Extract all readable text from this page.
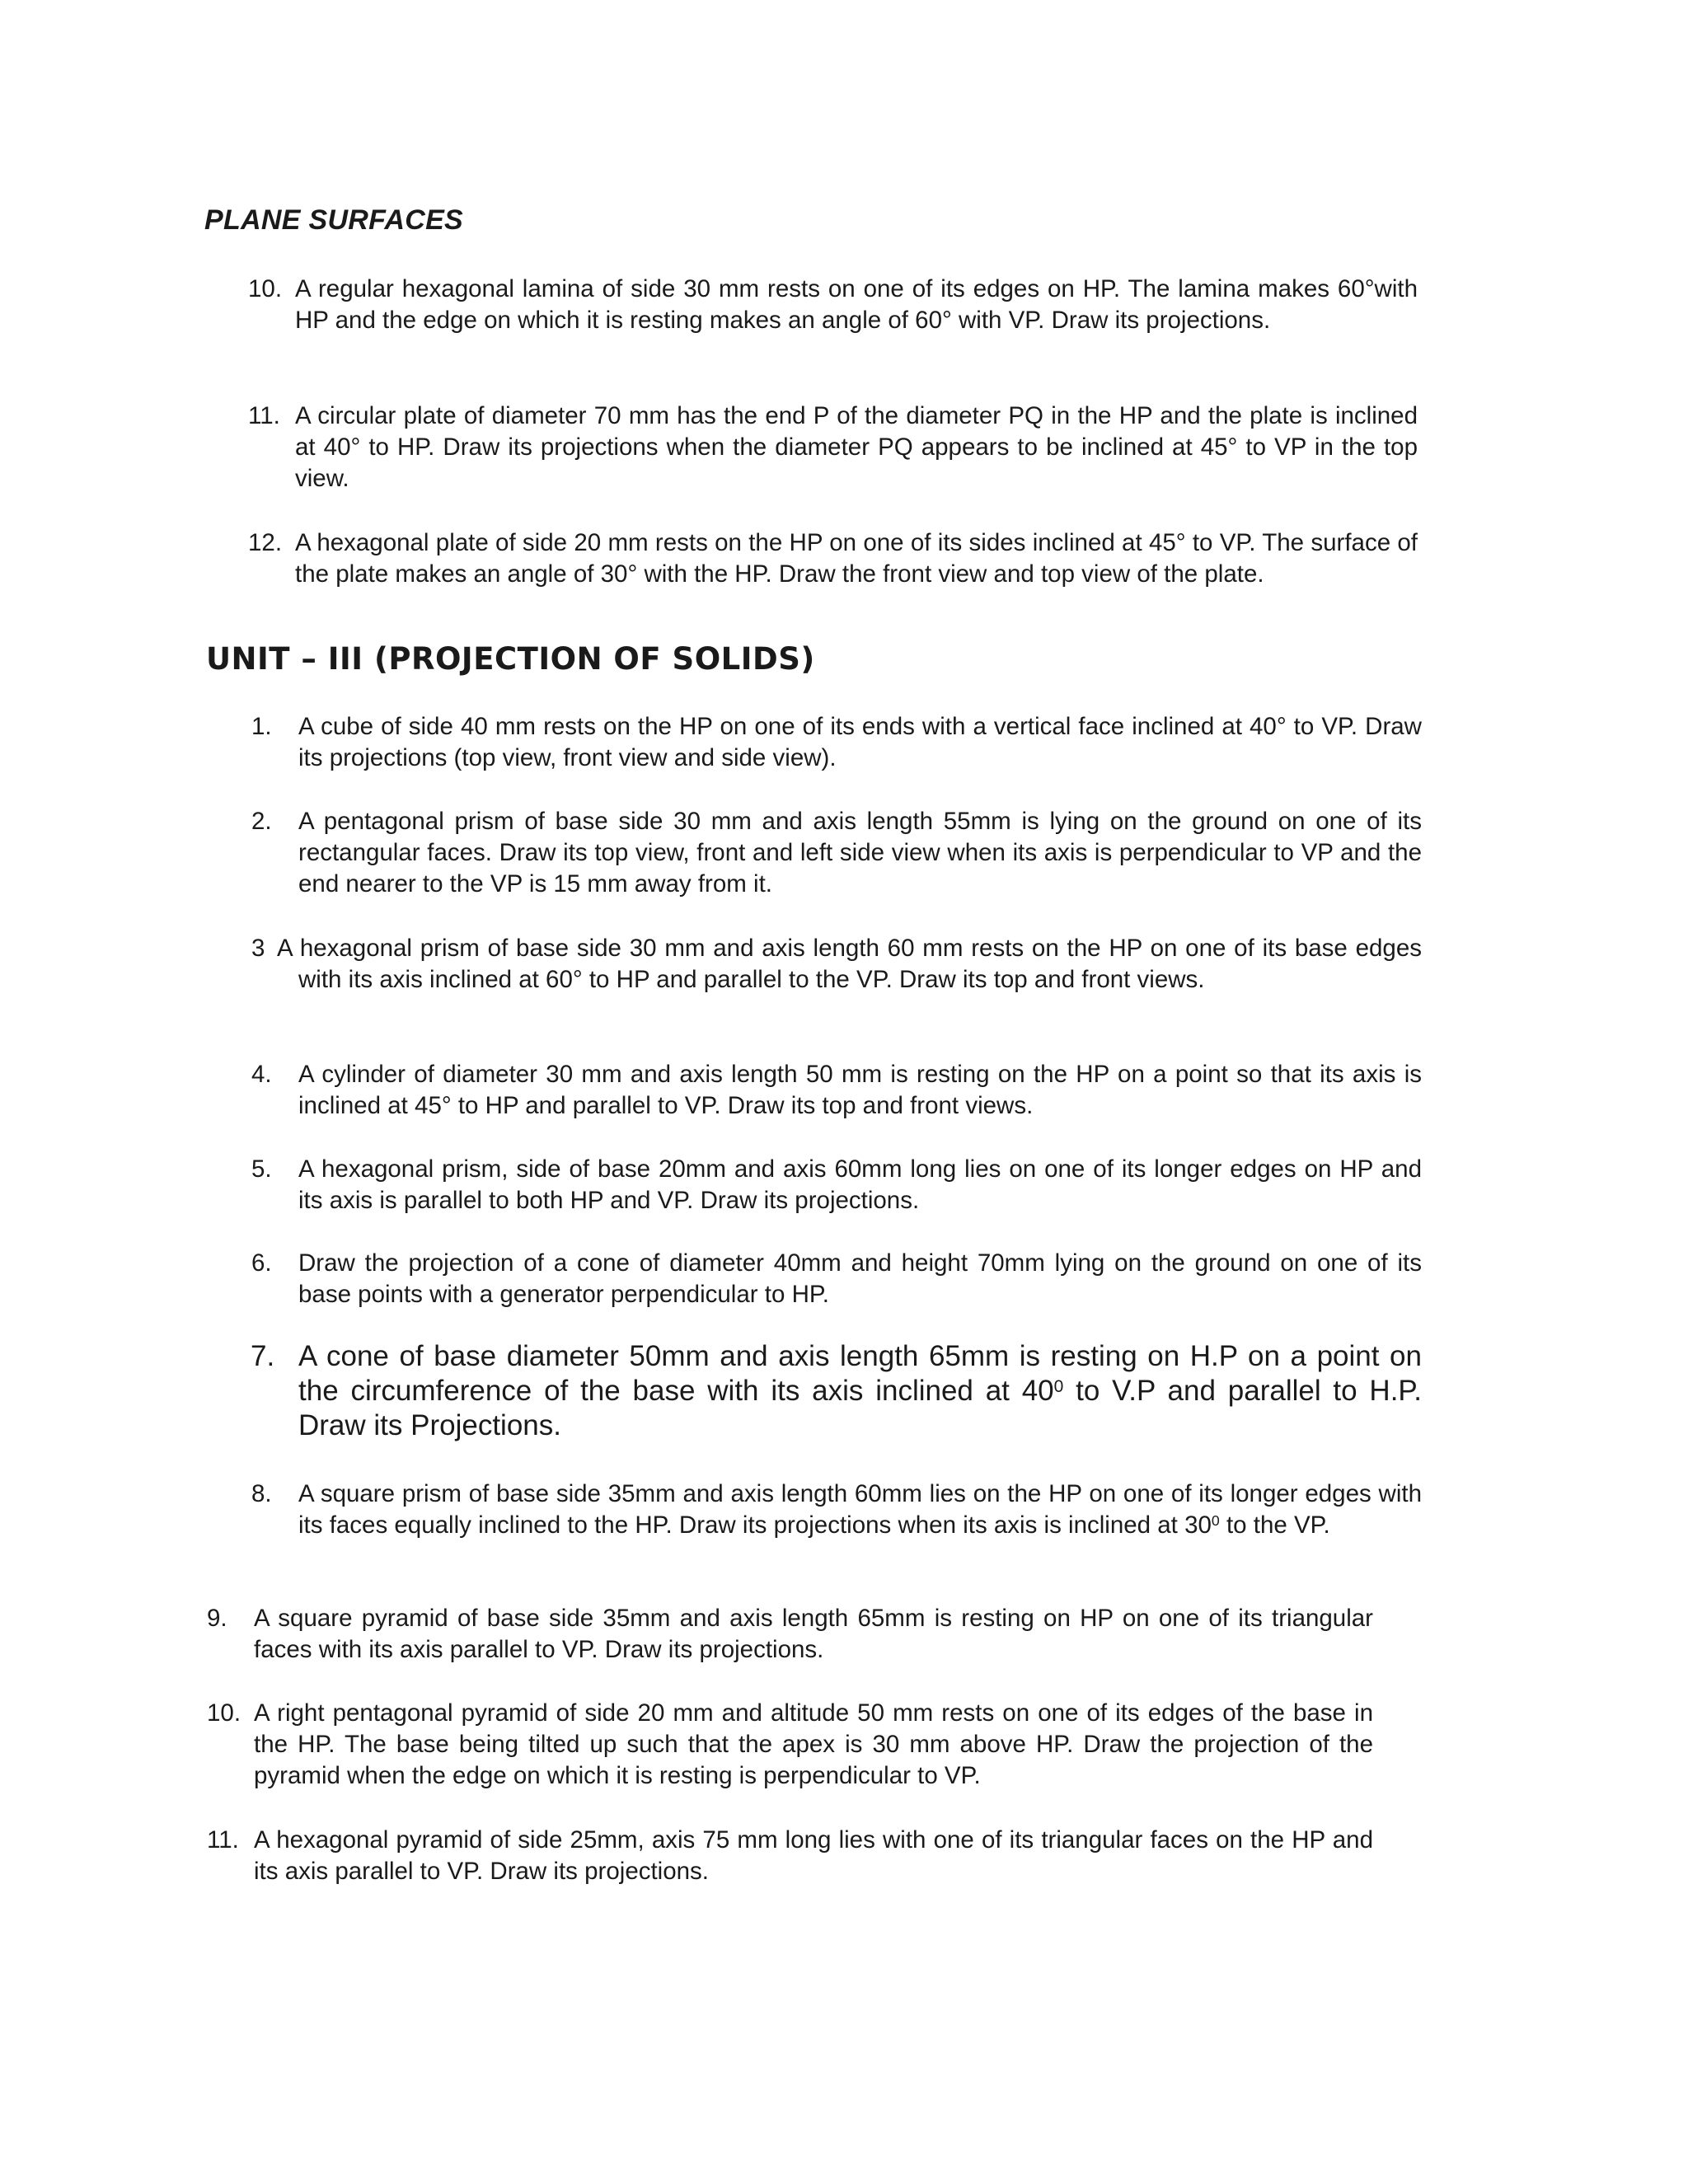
PLANE SURFACES
10. A regular hexagonal lamina of side 30 mm rests on one of its edges on HP. The lamina makes 60°with HP and the edge on which it is resting makes an angle of 60° with VP. Draw its projections.
11. A circular plate of diameter 70 mm has the end P of the diameter PQ in the HP and the plate is inclined at 40° to HP. Draw its projections when the diameter PQ appears to be inclined at 45° to VP in the top view.
12. A hexagonal plate of side 20 mm rests on the HP on one of its sides inclined at 45° to VP. The surface of the plate makes an angle of 30° with the HP. Draw the front view and top view of the plate.
UNIT – III (PROJECTION OF SOLIDS)
1. A cube of side 40 mm rests on the HP on one of its ends with a vertical face inclined at 40° to VP. Draw its projections (top view, front view and side view).
2. A pentagonal prism of base side 30 mm and axis length 55mm is lying on the ground on one of its rectangular faces. Draw its top view, front and left side view when its axis is perpendicular to VP and the end nearer to the VP is 15 mm away from it.
3 A hexagonal prism of base side 30 mm and axis length 60 mm rests on the HP on one of its base edges with its axis inclined at 60° to HP and parallel to the VP. Draw its top and front views.
4. A cylinder of diameter 30 mm and axis length 50 mm is resting on the HP on a point so that its axis is inclined at 45° to HP and parallel to VP. Draw its top and front views.
5. A hexagonal prism, side of base 20mm and axis 60mm long lies on one of its longer edges on HP and its axis is parallel to both HP and VP. Draw its projections.
6. Draw the projection of a cone of diameter 40mm and height 70mm lying on the ground on one of its base points with a generator perpendicular to HP.
7. A cone of base diameter 50mm and axis length 65mm is resting on H.P on a point on the circumference of the base with its axis inclined at $40^0$ to V.P and parallel to H.P. Draw its Projections.
8. A square prism of base side 35mm and axis length 60mm lies on the HP on one of its longer edges with its faces equally inclined to the HP. Draw its projections when its axis is inclined at $30^0$ to the VP.
9. A square pyramid of base side 35mm and axis length 65mm is resting on HP on one of its triangular faces with its axis parallel to VP. Draw its projections.
10. A right pentagonal pyramid of side 20 mm and altitude 50 mm rests on one of its edges of the base in the HP. The base being tilted up such that the apex is 30 mm above HP. Draw the projection of the pyramid when the edge on which it is resting is perpendicular to VP.
11. A hexagonal pyramid of side 25mm, axis 75 mm long lies with one of its triangular faces on the HP and its axis parallel to VP. Draw its projections.
